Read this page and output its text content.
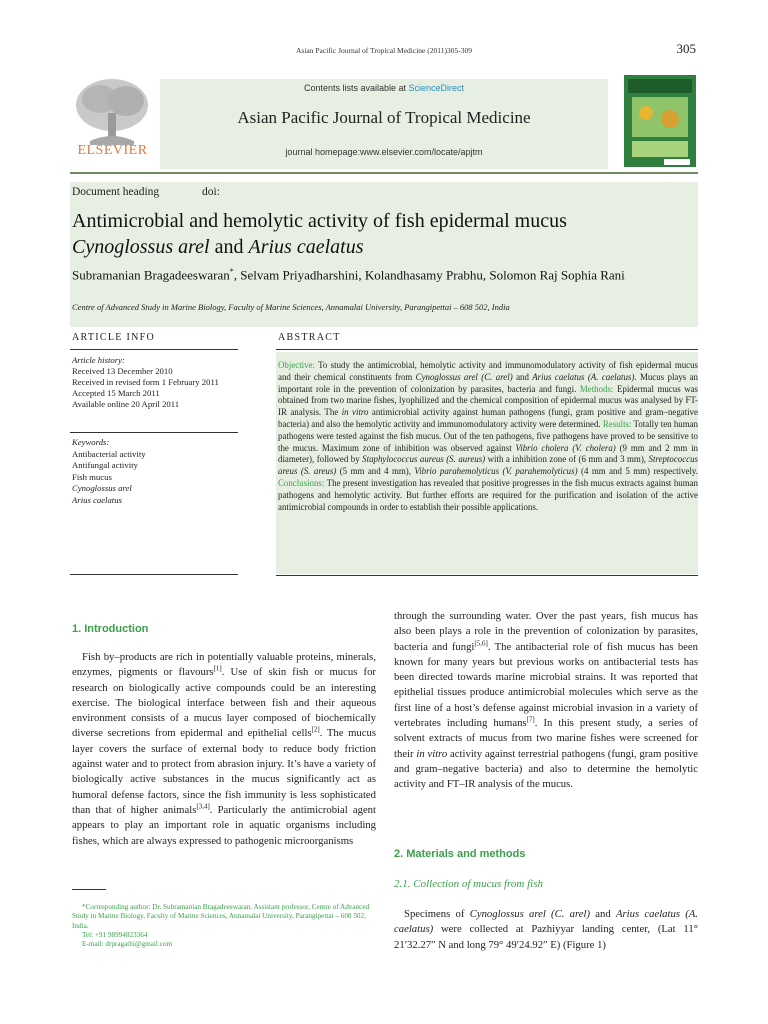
Asian Pacific Journal of Tropical Medicine (2011)305-309	305
ELSEVIER
Contents lists available at ScienceDirect
Asian Pacific Journal of Tropical Medicine
journal homepage:www.elsevier.com/locate/apjtm
Document heading	doi:
Antimicrobial and hemolytic activity of fish epidermal mucus
Cynoglossus arel and Arius caelatus
Subramanian Bragadeeswaran*, Selvam Priyadharshini, Kolandhasamy Prabhu, Solomon Raj Sophia Rani
Centre of Advanced Study in Marine Biology, Faculty of Marine Sciences, Annamalai University, Parangipettai – 608 502, India
ARTICLE INFO
Article history:
Received 13 December 2010
Received in revised form 1 February 2011
Accepted 15 March 2011
Available online 20 April 2011
Keywords:
Antibacterial activity
Antifungal activity
Fish mucus
Cynoglossus arel
Arius caelatus
ABSTRACT
Objective: To study the antimicrobial, hemolytic activity and immunomodulatory activity of fish epidermal mucus and their chemical constituents from Cynoglossus arel (C. arel) and Arius caelatus (A. caelatus). Mucus plays an important role in the prevention of colonization by parasites, bacteria and fungi. Methods: Epidermal mucus was obtained from two marine fishes, lyophilized and the chemical composition of epidermal mucus was analysed by FT-IR analysis. The in vitro antimicrobial activity against human pathogens (fungi, gram positive and gram–negative bacteria) and also the hemolytic activity and immunomodulatory activity were determined. Results: Totally ten human pathogens were tested against the fish mucus. Out of the ten pathogens, five pathogens have proved to be sensitive to the mucus. Maximum zone of inhibition was observed against Vibrio cholera (V. cholera) (9 mm and 2 mm in diameter), followed by Staphylococcus aureus (S. aureus) with a inhibition zone of (6 mm and 3 mm), Streptococcus areus (S. areus) (5 mm and 4 mm), Vibrio parahemolyticus (V. parahemolyticus) (4 mm and 5 mm) respectively. Conclusions: The present investigation has revealed that positive progresses in the fish mucus extracts against human pathogens and hemolytic activity. But further efforts are required for the purification and isolation of the active antimicrobial compounds in order to establish their possible applications.
1. Introduction

Fish by–products are rich in potentially valuable proteins, minerals, enzymes, pigments or flavours[1]. Use of skin fish or mucus for research on biologically active compounds could be an interesting exercise. The biological interface between fish and their aqueous environment consists of a mucus layer composed of biochemically diverse secretions from epidermal and epithelial cells[2]. The mucus layer covers the surface of external body to reduce body friction against water and to protect from abrasion injury. It’s have a variety of biologically active substances in the mucus significantly act as humoral defense factors, since the fish immunity is less sophisticated than that of higher animals[3,4]. Particularly the antimicrobial agent appears to play an important role in aquatic organisms including fishes, which are always expressed to pathogenic microorganisms

through the surrounding water. Over the past years, fish mucus has also been plays a role in the prevention of colonization by parasites, bacteria and fungi[5,6]. The antibacterial role of fish mucus has been known for many years but previous works on antibacterial tests has been directed towards marine microbial strains. It was reported that epithelial tissues produce antimicrobial molecules which serve as the first line of a host’s defense against microbial invasion in a variety of vertebrates including humans[7]. In this present study, a series of solvent extracts of mucus from two marine fishes were screened for their in vitro activity against terrestrial pathogens (fungi, gram positive and gram–negative bacteria) and also to determine the hemolytic activity and FT–IR analysis of the mucus.

2. Materials and methods
2.1. Collection of mucus from fish

Specimens of Cynoglossus arel (C. arel) and Arius caelatus (A. caelatus) were collected at Pazhiyyar landing center, (Lat 11° 21′32.27″ N and long 79° 49′24.92″ E) (Figure 1)

*Corresponding author: Dr. Subramanian Bragadeeswaran, Assistant professor, Centre of Advanced Study in Marine Biology, Faculty of Marine Sciences, Annamalai University, Parangipettai – 608 502, India.
Tel: +91 98994823364
E-mail: drpragathi@gmail.com
